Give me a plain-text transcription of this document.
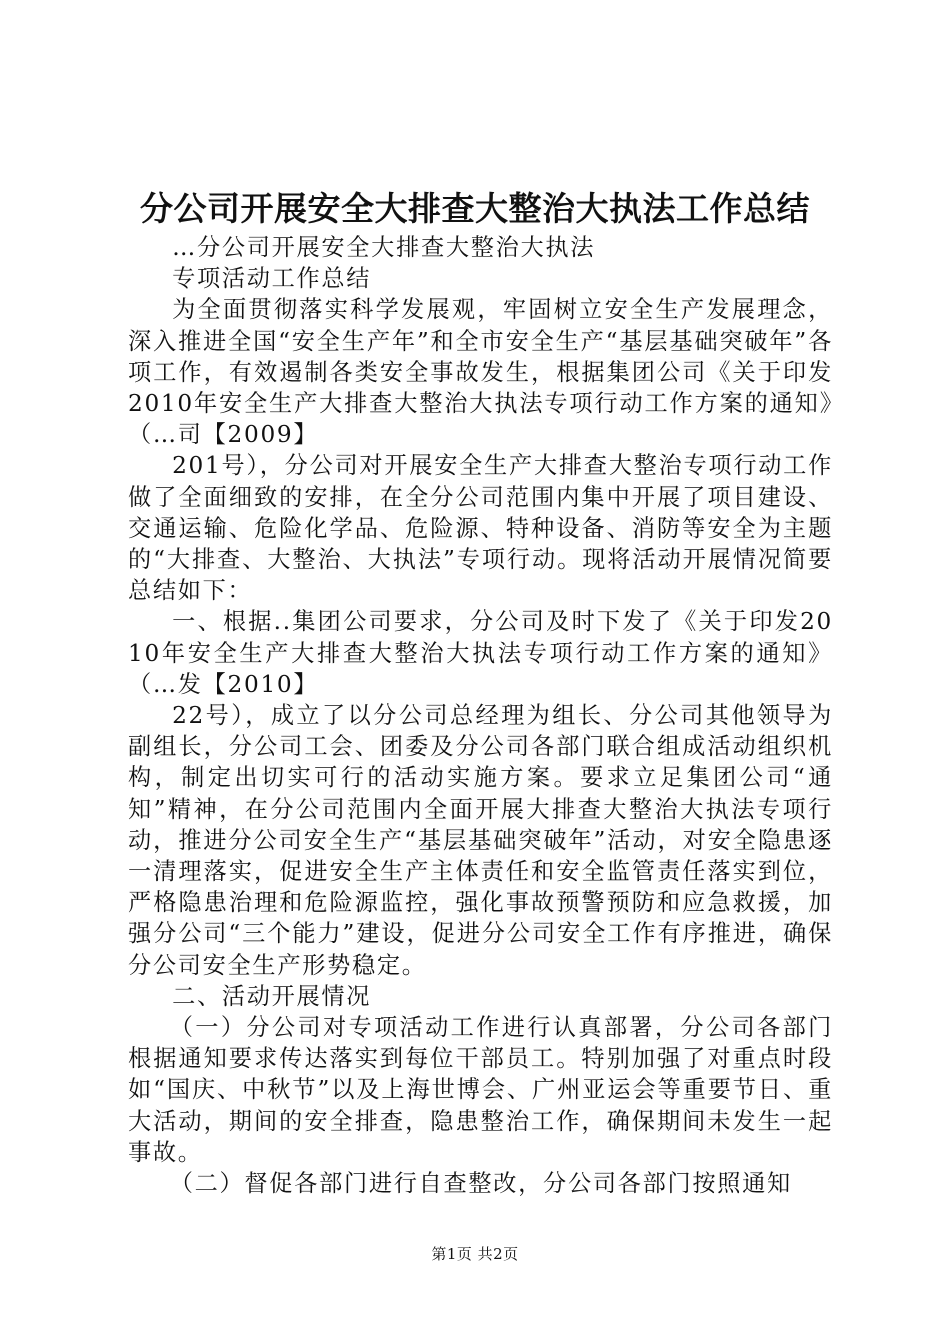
分公司开展安全大排查大整治大执法工作总结

…分公司开展安全大排查大整治大执法

专项活动工作总结

为全面贯彻落实科学发展观，牢固树立安全生产发展理念，深入推进全国“安全生产年”和全市安全生产“基层基础突破年”各项工作，有效遏制各类安全事故发生，根据集团公司《关于印发2010年安全生产大排查大整治大执法专项行动工作方案的通知》（…司【2009】

201号），分公司对开展安全生产大排查大整治专项行动工作做了全面细致的安排，在全分公司范围内集中开展了项目建设、交通运输、危险化学品、危险源、特种设备、消防等安全为主题的“大排查、大整治、大执法”专项行动。现将活动开展情况简要总结如下：

一、根据..集团公司要求，分公司及时下发了《关于印发2010年安全生产大排查大整治大执法专项行动工作方案的通知》（…发【2010】

22号），成立了以分公司总经理为组长、分公司其他领导为副组长，分公司工会、团委及分公司各部门联合组成活动组织机构，制定出切实可行的活动实施方案。要求立足集团公司“通知”精神，在分公司范围内全面开展大排查大整治大执法专项行动，推进分公司安全生产“基层基础突破年”活动，对安全隐患逐一清理落实，促进安全生产主体责任和安全监管责任落实到位，严格隐患治理和危险源监控，强化事故预警预防和应急救援，加强分公司“三个能力”建设，促进分公司安全工作有序推进，确保分公司安全生产形势稳定。

二、活动开展情况

（一）分公司对专项活动工作进行认真部署，分公司各部门根据通知要求传达落实到每位干部员工。特别加强了对重点时段如“国庆、中秋节”以及上海世博会、广州亚运会等重要节日、重大活动，期间的安全排查，隐患整治工作，确保期间未发生一起事故。

（二）督促各部门进行自查整改，分公司各部门按照通知

第1页 共2页
